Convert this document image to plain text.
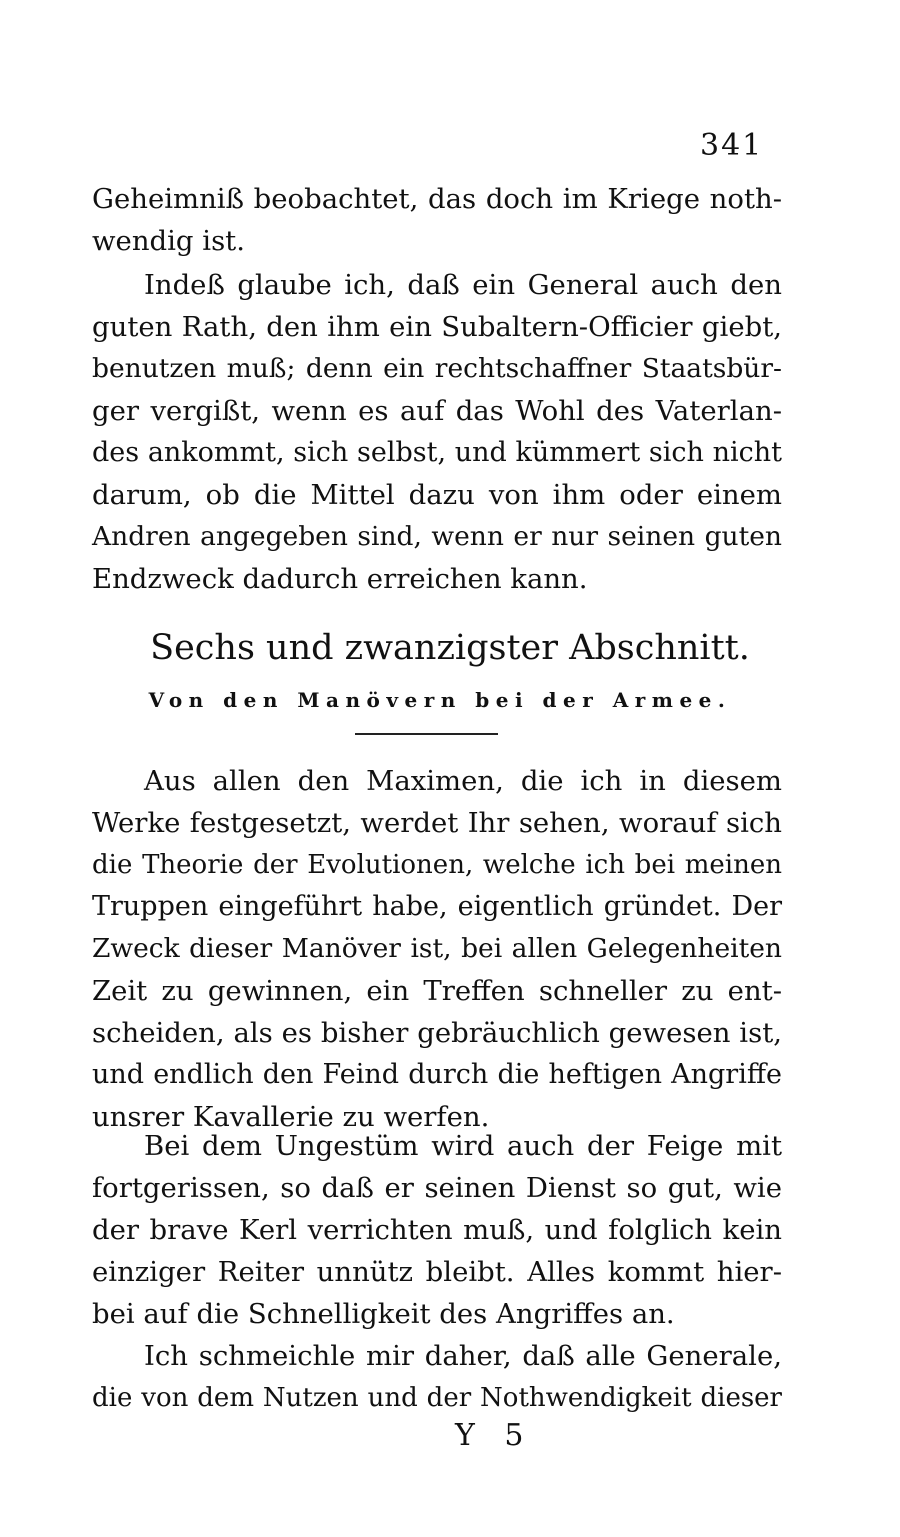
341
Geheimniß beobachtet, das doch im Kriege noth-
wendig ist.
Indeß glaube ich, daß ein General auch den
guten Rath, den ihm ein Subaltern-Officier giebt,
benutzen muß; denn ein rechtschaffner Staatsbür-
ger vergißt, wenn es auf das Wohl des Vaterlan-
des ankommt, sich selbst, und kümmert sich nicht
darum, ob die Mittel dazu von ihm oder einem
Andren angegeben sind, wenn er nur seinen guten
Endzweck dadurch erreichen kann.
Sechs und zwanzigster Abschnitt.
Von den Manövern bei der Armee.
Aus allen den Maximen, die ich in diesem
Werke festgesetzt, werdet Ihr sehen, worauf sich
die Theorie der Evolutionen, welche ich bei meinen
Truppen eingeführt habe, eigentlich gründet. Der
Zweck dieser Manöver ist, bei allen Gelegenheiten
Zeit zu gewinnen, ein Treffen schneller zu ent-
scheiden, als es bisher gebräuchlich gewesen ist,
und endlich den Feind durch die heftigen Angriffe
unsrer Kavallerie zu werfen.
Bei dem Ungestüm wird auch der Feige mit
fortgerissen, so daß er seinen Dienst so gut, wie
der brave Kerl verrichten muß, und folglich kein
einziger Reiter unnütz bleibt. Alles kommt hier-
bei auf die Schnelligkeit des Angriffes an.
Ich schmeichle mir daher, daß alle Generale,
die von dem Nutzen und der Nothwendigkeit dieser
Y 5
